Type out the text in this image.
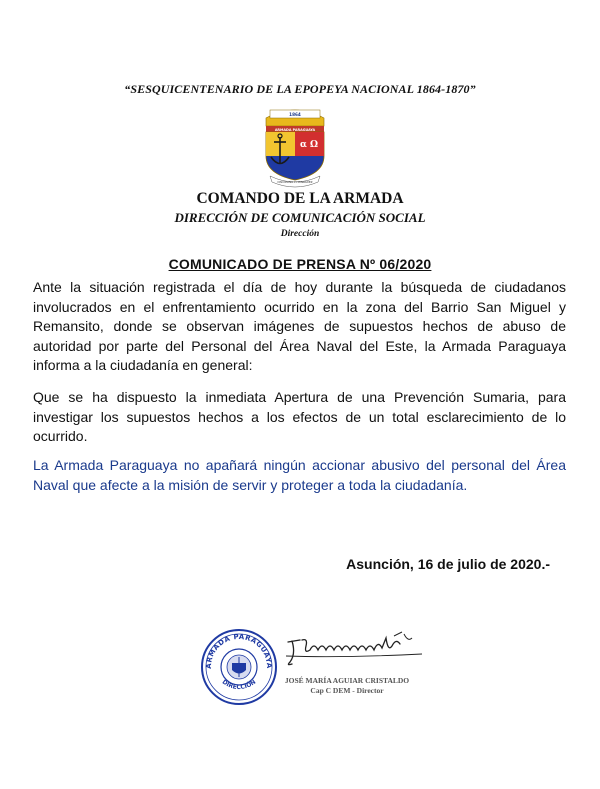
“SESQUICENTENARIO DE LA EPOPEYA NACIONAL 1864-1870”
1864
ARMADA PARAGUAYA
α Ω
DISCIPLINA Y HONRADEZ
COMANDO DE LA ARMADA
DIRECCIÓN DE COMUNICACIÓN SOCIAL
Dirección
COMUNICADO DE PRENSA Nº 06/2020
Ante la situación registrada el día de hoy durante la búsqueda de ciudadanos involucrados en el enfrentamiento ocurrido en la zona del Barrio San Miguel y Remansito, donde se observan imágenes de supuestos hechos de abuso de autoridad por parte del Personal del Área Naval del Este, la Armada Paraguaya informa a la ciudadanía en general:
Que se ha dispuesto la inmediata Apertura de una Prevención Sumaria, para investigar los supuestos hechos a los efectos de un total esclarecimiento de lo ocurrido.
La Armada Paraguaya no apañará ningún accionar abusivo del personal del Área Naval que afecte a la misión de servir y proteger a toda la ciudadanía.
Asunción, 16 de julio de 2020.-
ARMADA PARAGUAYA
DIRECCIÓN	JOSÉ MARÍA AGUIAR CRISTALDO
Cap C DEM - Director
